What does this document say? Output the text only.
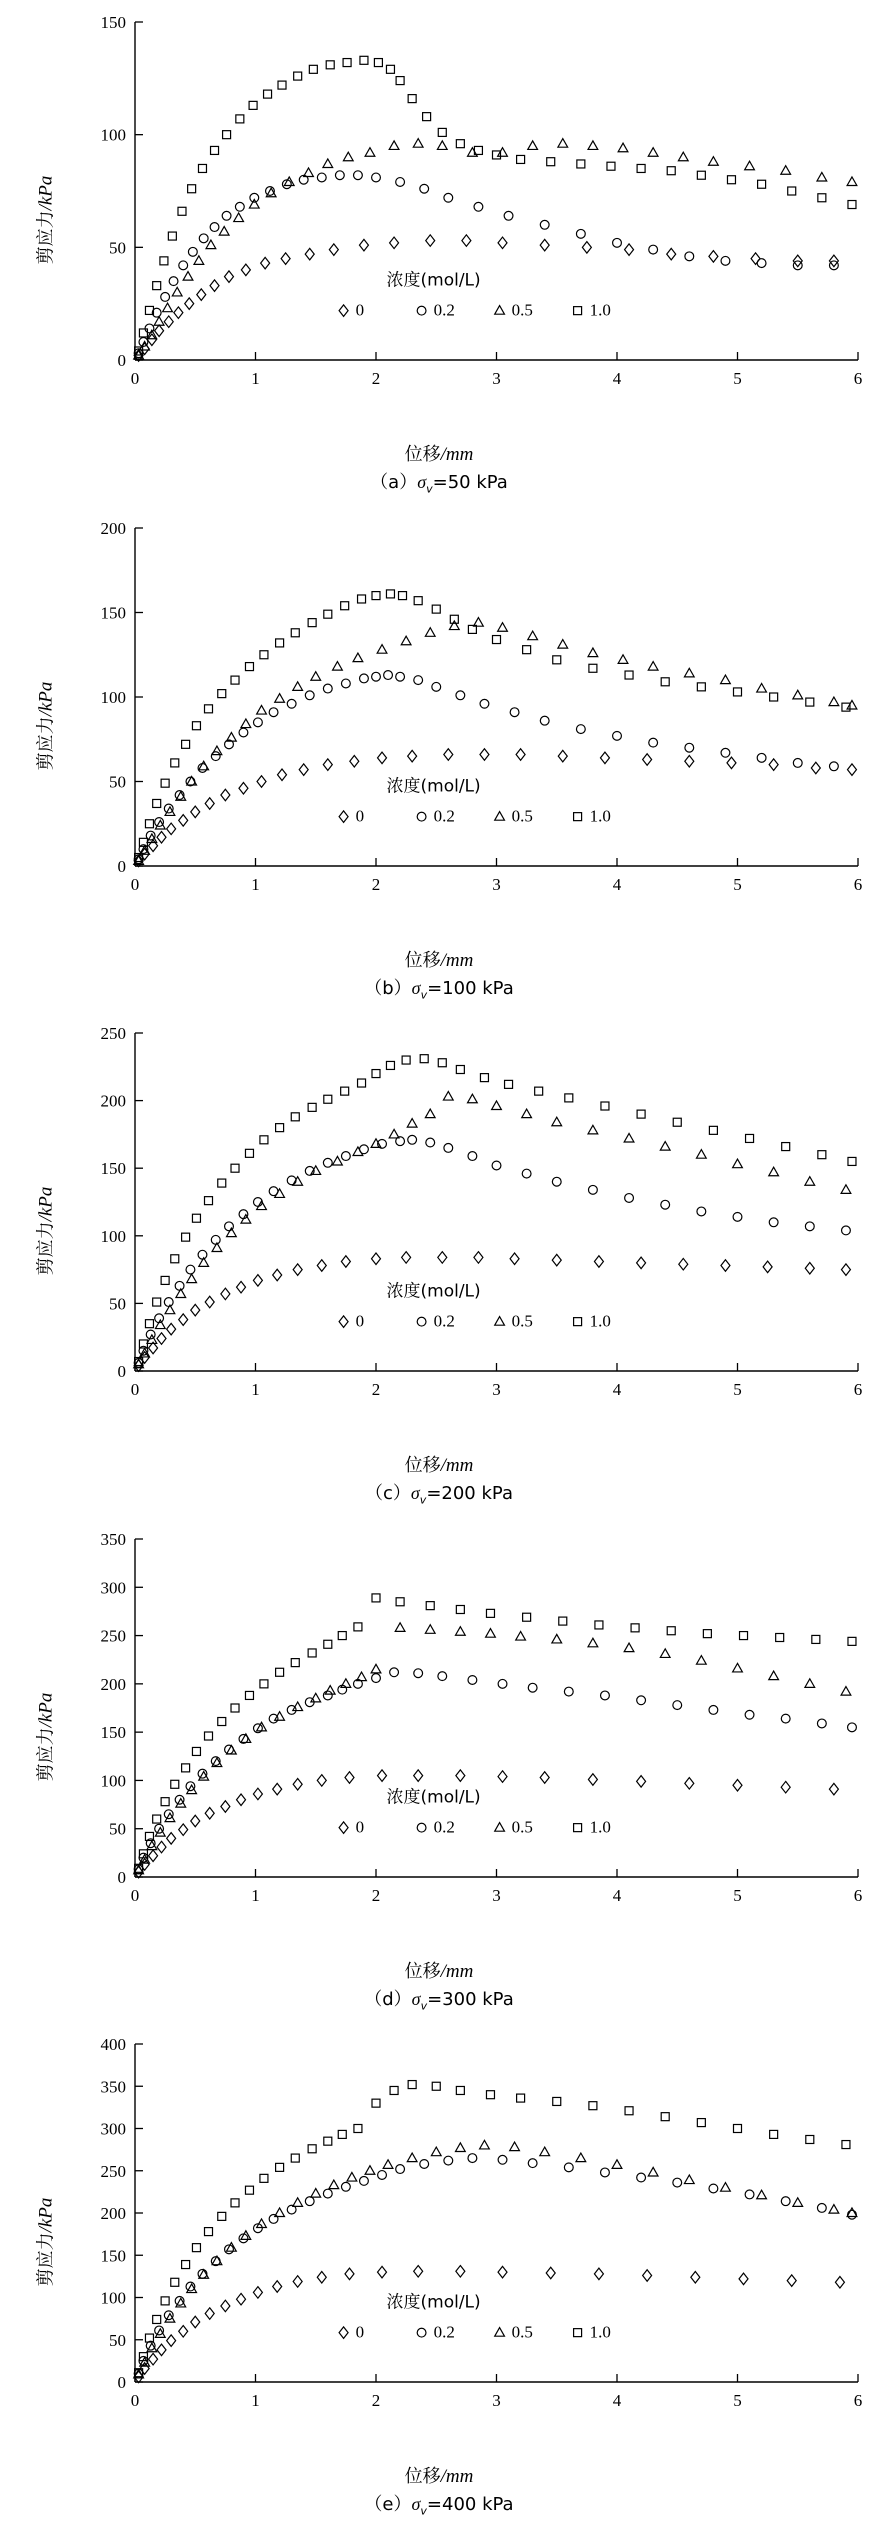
剪应力/kPa
0
50
100
150
0	1	2	3	4	5	6
浓度(mol/L)
0	0.2	0.5	1.0
位移/mm
$(a)\sigma_v=50$ kPa
剪应力/kPa
0
50
100
150
200
0	1	2	3	4	5	6
浓度(mol/L)
0	0.2	0.5	1.0
位移/mm
$(b)\sigma_v=100$ kPa
剪应力/kPa
0
50
100
150
200
250
0	1	2	3	4	5	6
浓度(mol/L)
0	0.2	0.5	1.0
位移/mm
$(c)\sigma_v=200$ kPa
剪应力/kPa
0
50
100
150
200
250
300
350
0	1	2	3	4	5	6
浓度(mol/L)
0	0.2	0.5	1.0
位移/mm
$(d)\sigma_v=300$ kPa
剪应力/kPa
0
50
100
150
200
250
300
350
400
0	1	2	3	4	5	6
浓度(mol/L)
0	0.2	0.5	1.0
位移/mm
$(e)\sigma_v=400$ kPa
